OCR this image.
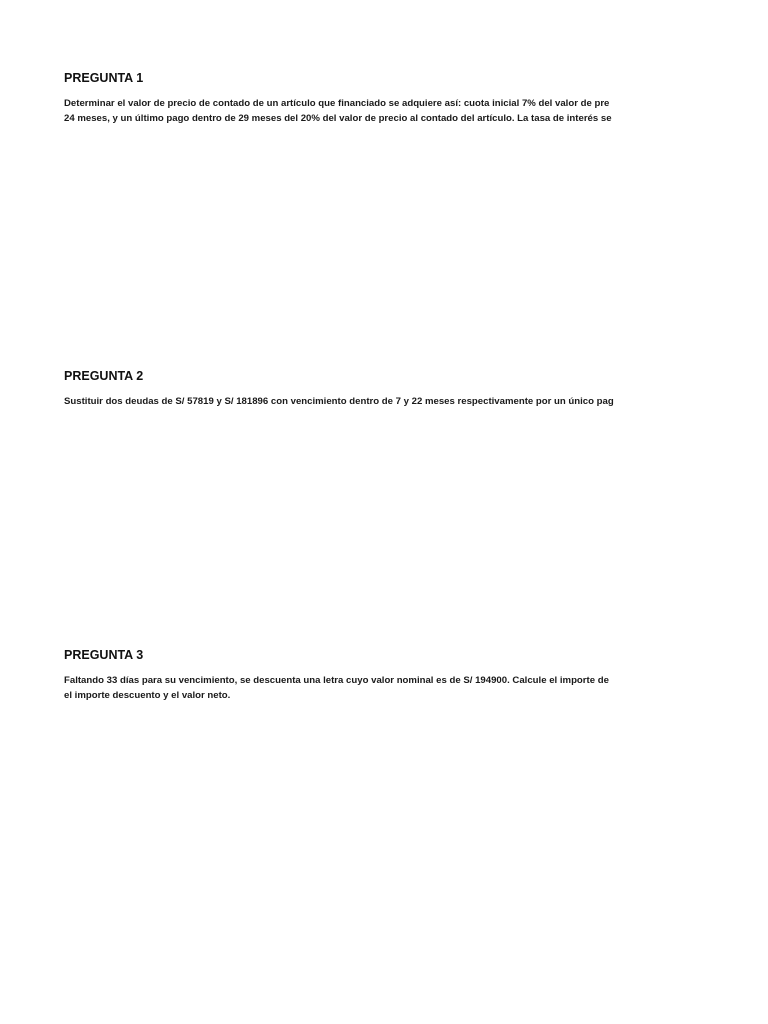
PREGUNTA 1
Determinar el valor de precio de contado de un artículo que financiado se adquiere así: cuota inicial 7% del valor de pre
24 meses, y un último pago dentro de 29 meses del 20% del valor de precio al contado del artículo. La tasa de interés se
PREGUNTA 2
Sustituir dos deudas de S/ 57819 y S/ 181896 con vencimiento dentro de 7 y 22 meses respectivamente por un único pag
PREGUNTA 3
Faltando 33 días para su vencimiento, se descuenta una letra cuyo valor nominal es de S/ 194900. Calcule el importe de
el importe descuento y el valor neto.
